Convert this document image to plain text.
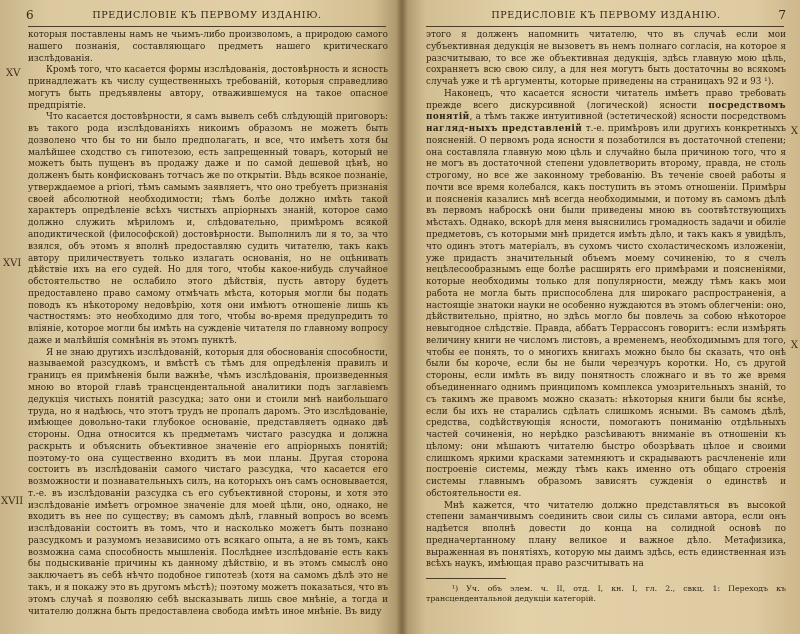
6	ПРЕДИСЛОВІЕ КЪ ПЕРВОМУ ИЗДАНІЮ.
XV
XVI
XVII

которыя поставлены намъ не чьимъ-либо произволомъ, а природою самого нашего познанія, составляющаго предметъ нашего критическаго изслѣдованія.

Кромѣ того, что касается формы изслѣдованія, достовѣрность и ясность принадлежатъ къ числу существенныхъ требованій, которыя справедливо могутъ быть предъявлены автору, отважившемуся на такое опасное предпріятіе.

Что касается достовѣрности, я самъ вывелъ себѣ слѣдующій приговоръ: въ такого рода изслѣдованіяхъ никоимъ образомъ не можетъ быть дозволено что бы то ни было предполагать, и все, что имѣетъ хотя бы малѣйшее сходство съ гипотезою, есть запрещенный товаръ, который не можетъ быть пущенъ въ продажу даже и по самой дешевой цѣнѣ, но долженъ быть конфискованъ тотчасъ же по открытіи. Вѣдь всякое познаніе, утверждаемое a priori, тѣмъ самымъ заявляетъ, что оно требуетъ признанія своей абсолютной необходимости; тѣмъ болѣе должно имѣть такой характеръ опредѣленіе всѣхъ чистыхъ апріорныхъ знаній, которое само должно служить мѣриломъ и, слѣдовательно, примѣромъ всякой аподиктической (философской) достовѣрности. Выполнилъ ли я то, за что взялся, объ этомъ я вполнѣ предоставляю судить читателю, такъ какъ автору приличествуетъ только излагать основанія, но не оцѣнивать дѣйствіе ихъ на его судей. Но для того, чтобы какое-нибудь случайное обстоятельство не ослабило этого дѣйствія, пусть автору будетъ предоставлено право самому отмѣчать мѣста, которыя могли бы подать поводъ къ нѣкоторому недовѣрію, хотя они имѣютъ отношеніе лишь къ частностямъ: это необходимо для того, чтобы во-время предупредить то вліяніе, которое могли бы имѣть на сужденіе читателя по главному вопросу даже и малѣйшія сомнѣнія въ этомъ пунктѣ.

Я не знаю другихъ изслѣдованій, которыя для обоснованія способности, называемой разсудкомъ, и вмѣстѣ съ тѣмъ для опредѣленія правилъ и границъ ея примѣненія были важнѣе, чѣмъ изслѣдованія, произведенныя мною во второй главѣ трансцендентальной аналитики подъ заглавіемъ дедукція чистыхъ понятій разсудка; зато они и стоили мнѣ наибольшаго труда, но я надѣюсь, что этотъ трудъ не пропалъ даромъ. Это изслѣдованіе, имѣющее довольно-таки глубокое основаніе, представляетъ однако двѣ стороны. Одна относится къ предметамъ чистаго разсудка и должна раскрыть и объяснить объективное значеніе его апріорныхъ понятій; поэтому-то она существенно входитъ въ мои планы. Другая сторона состоитъ въ изслѣдованіи самого чистаго разсудка, что касается его возможности и познавательныхъ силъ, на которыхъ онъ самъ основывается, т.-е. въ изслѣдованіи разсудка съ его субъективной стороны, и хотя это изслѣдованіе имѣетъ огромное значеніе для моей цѣли, оно, однако, не входитъ въ нее по существу; въ самомъ дѣлѣ, главный вопросъ во всемъ изслѣдованіи состоитъ въ томъ, что и насколько можетъ быть познано разсудкомъ и разумомъ независимо отъ всякаго опыта, а не въ томъ, какъ возможна сама способность мышленія. Послѣднее изслѣдованіе есть какъ бы подыскиваніе причины къ данному дѣйствію, и въ этомъ смыслѣ оно заключаетъ въ себѣ нѣчто подобное гипотезѣ (хотя на самомъ дѣлѣ это не такъ, и я покажу это въ другомъ мѣстѣ); поэтому можетъ показаться, что въ этомъ случаѣ я позволяю себѣ высказывать лишь свое мнѣніе, а тогда и читателю должна быть предоставлена свобода имѣть иное мнѣніе. Въ виду

ПРЕДИСЛОВІЕ КЪ ПЕРВОМУ ИЗДАНІЮ.	7
X
X

этого я долженъ напомнить читателю, что въ случаѣ если мои субъективная дедукція не вызоветъ въ немъ полнаго согласія, на которое я разсчитываю, то все же объективная дедукція, здѣсь главную мою цѣль, сохраняетъ всю свою силу, а для нея могутъ быть достаточны во всякомъ случаѣ уже и тѣ аргументы, которые приведены на страницахъ 92 и 93 ¹).

Наконецъ, что касается ясности читатель имѣетъ право требовать прежде всего дискурсивной (логической) ясности посредствомъ понятій, а тѣмъ также интуитивной (эстетической) ясности посредствомъ нагляд-ныхъ представленій т.-е. примѣровъ или другихъ конкретныхъ поясненій. О первомъ рода ясности я позаботился въ достаточной степени; она составляла главную мою цѣль и случайно была причиною того, что я не могъ въ достаточной степени удовлетворить второму, правда, не столь строгому, но все же законному требованію. Въ теченіе своей работы я почти все время колебался, какъ поступить въ этомъ отношеніи. Примѣры и поясненія казались мнѣ всегда необходимыми, и потому въ самомъ дѣлѣ въ первомъ наброскѣ они были приведены мною въ соотвѣтствующихъ мѣстахъ. Однако, вскорѣ для меня выяснились громадность задачи и обиліе предметовъ, съ которыми мнѣ придется имѣть дѣло, и такъ какъ я увидѣлъ, что одинъ этотъ матеріалъ, въ сухомъ чисто схоластическомъ изложеніи, уже придастъ значительный объемъ моему сочиненію, то я счелъ нецѣлесообразнымъ еще болѣе расширять его примѣрами и поясненіями, которые необходимы только для популярности, между тѣмъ какъ мои работа не могла быть приспособлена для широкаго распространенія, а настоящіе знатоки науки не особенно нуждаются въ этомъ облегченіи: оно, дѣйствительно, пріятно, но здѣсь могло бы повлечь за собою нѣкоторое невыгодное слѣдствіе. Правда, аббатъ Террассонъ говоритъ: если измѣрять величину книги не числомъ листовъ, а временемъ, необходимымъ для того, чтобы ее понять, то о многихъ книгахъ можно было бы сказать, что онѣ были бы короче, если бы не были черезчуръ коротки. Но, съ другой стороны, если имѣть въ виду понятность сложнаго и въ то же время объединеннаго однимъ принципомъ комплекса умозрительныхъ знаній, то съ такимъ же правомъ можно сказать: нѣкоторыя книги были бы яснѣе, если бы ихъ не старались сдѣлать слишкомъ ясными. Въ самомъ дѣлѣ, средства, содѣйствующія ясности, помогаютъ пониманію отдѣльныхъ частей сочиненія, но нерѣдко разсѣиваютъ вниманіе въ отношеніи къ цѣлому: они мѣшаютъ читателю быстро обозрѣвать цѣлое и своими слишкомъ яркими красками затемняютъ и скрадываютъ расчлененіе или построеніе системы, между тѣмъ какъ именно отъ общаго строенія системы главнымъ образомъ зависятъ сужденія о единствѣ и обстоятельности ея.

Мнѣ кажется, что читателю должно представляться въ высокой степени заманчивымъ соединить свои силы съ силами автора, если онъ надѣется вполнѣ довести до конца на солидной основѣ по предначертанному плану великое и важное дѣло. Метафизика, выраженная въ понятіяхъ, которую мы даимъ здѣсь, есть единственная изъ всѣхъ наукъ, имѣющая право разсчитывать на

¹) Уч. объ элем. ч. II, отд. I, кн. I, гл. 2., свкц. 1: Переходъ къ трансцендентальной дедукціи категорій.
